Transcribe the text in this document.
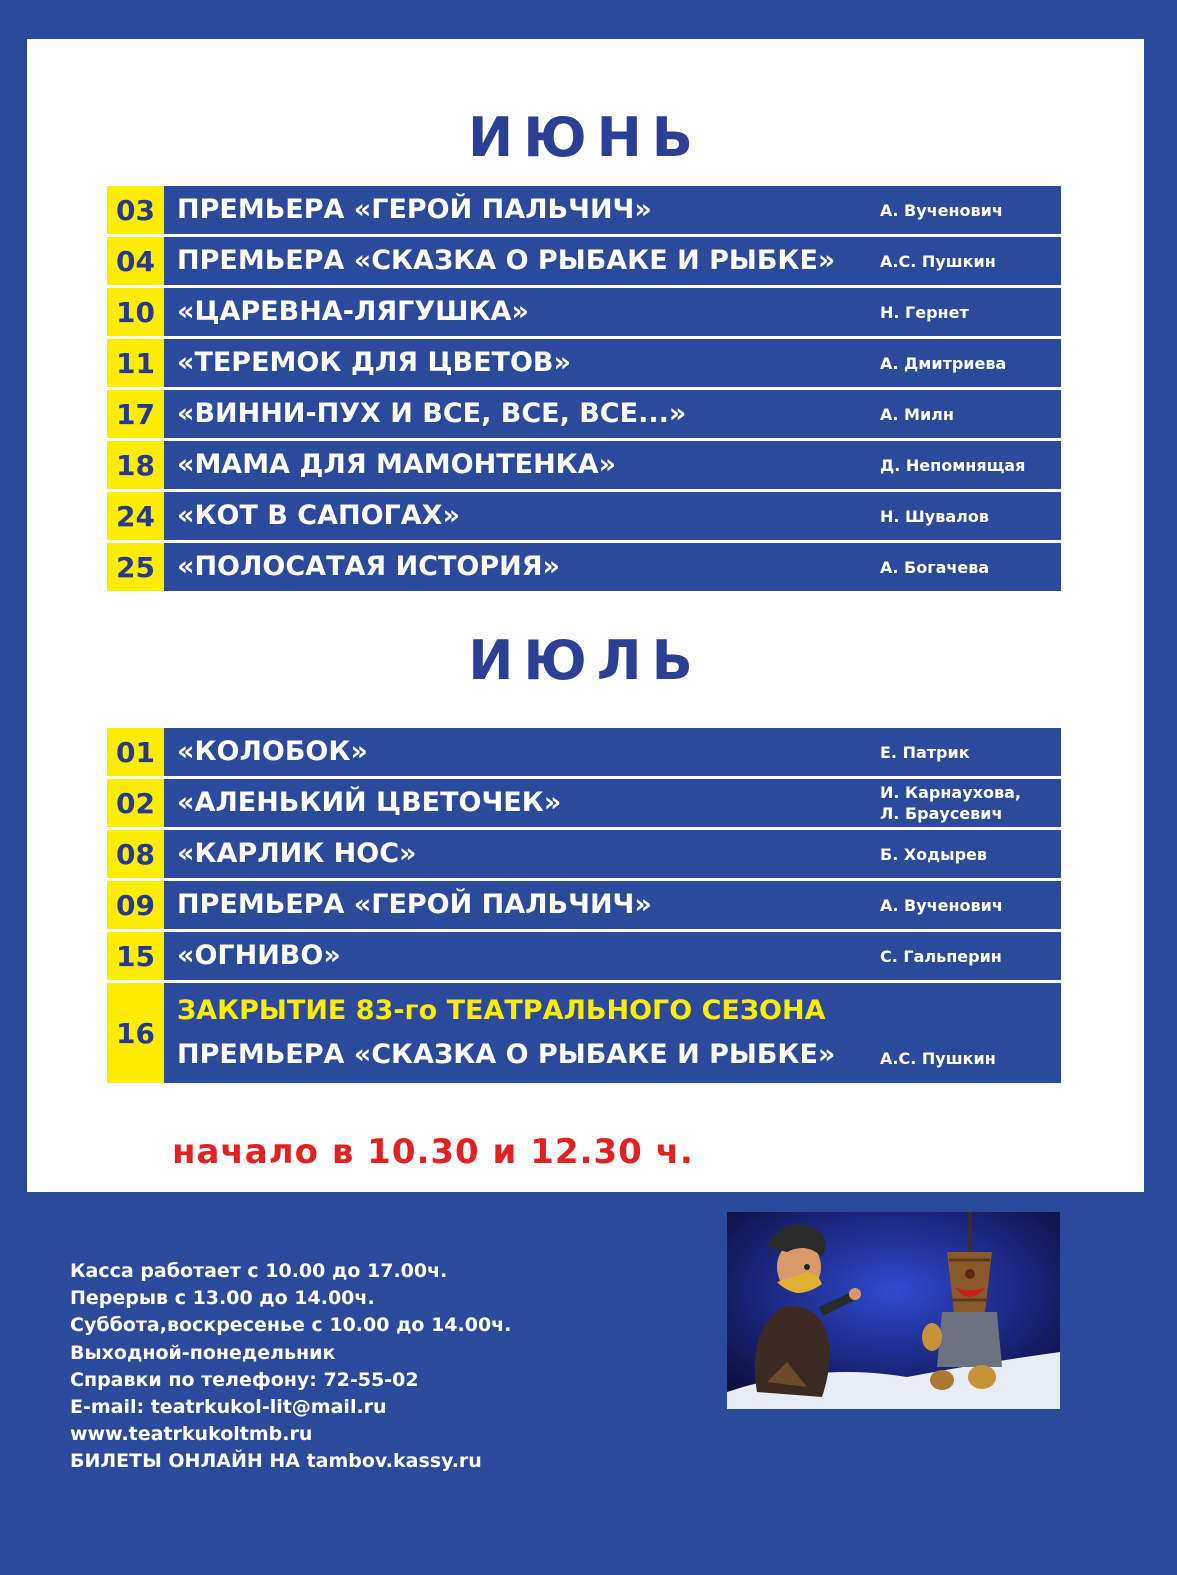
ИЮНЬ
03 ПРЕМЬЕРА «ГЕРОЙ ПАЛЬЧИЧ»	А. Вученович
04 ПРЕМЬЕРА «СКАЗКА О РЫБАКЕ И РЫБКЕ»	А.С. Пушкин
10 «ЦАРЕВНА-ЛЯГУШКА»	Н. Гернет
11 «ТЕРЕМОК ДЛЯ ЦВЕТОВ»	А. Дмитриева
17 «ВИННИ-ПУХ И ВСЕ, ВСЕ, ВСЕ...»	А. Милн
18 «МАМА ДЛЯ МАМОНТЕНКА»	Д. Непомнящая
24 «КОТ В САПОГАХ»	Н. Шувалов
25 «ПОЛОСАТАЯ ИСТОРИЯ»	А. Богачева
ИЮЛЬ
01 «КОЛОБОК»	Е. Патрик
02 «АЛЕНЬКИЙ ЦВЕТОЧЕК»	И. Карнаухова,
Л. Браусевич
08 «КАРЛИК НОС»	Б. Ходырев
09 ПРЕМЬЕРА «ГЕРОЙ ПАЛЬЧИЧ»	А. Вученович
15 «ОГНИВО»	С. Гальперин
16
ЗАКРЫТИЕ 83-го ТЕАТРАЛЬНОГО СЕЗОНА
ПРЕМЬЕРА «СКАЗКА О РЫБАКЕ И РЫБКЕ»	А.С. Пушкин
начало в 10.30 и 12.30 ч.
Касса работает с 10.00 до 17.00ч.
Перерыв с 13.00 до 14.00ч.
Суббота,воскресенье с 10.00 до 14.00ч.
Выходной-понедельник
Справки по телефону: 72-55-02
E-mail: teatrkukol-lit@mail.ru
www.teatrkukoltmb.ru
БИЛЕТЫ ОНЛАЙН НА tambov.kassy.ru
